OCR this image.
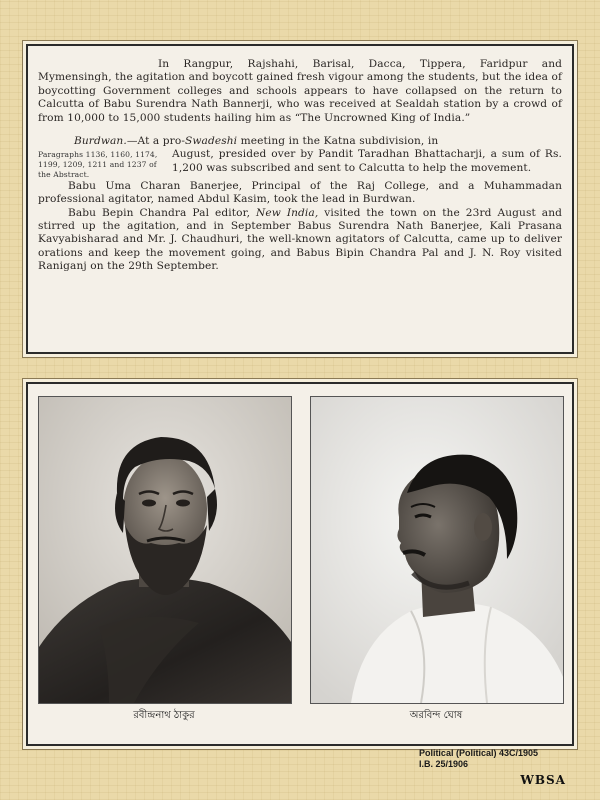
In Rangpur, Rajshahi, Barisal, Dacca, Tippera, Faridpur and Mymensingh, the agitation and boycott gained fresh vigour among the students, but the idea of boycotting Government colleges and schools appears to have collapsed on the return to Calcutta of Babu Surendra Nath Bannerji, who was received at Sealdah station by a crowd of from 10,000 to 15,000 students hailing him as “The Uncrowned King of India.”

Burdwan.—At a pro-Swadeshi meeting in the Katna subdivision, in

Paragraphs 1136, 1160, 1174, 1199, 1209, 1211 and 1237 of the Abstract.

August, presided over by Pandit Taradhan Bhattacharji, a sum of Rs. 1,200 was subscribed and sent to Calcutta to help the movement.

Babu Uma Charan Banerjee, Principal of the Raj College, and a Muhammadan professional agitator, named Abdul Kasim, took the lead in Burdwan.

Babu Bepin Chandra Pal editor, New India, visited the town on the 23rd August and stirred up the agitation, and in September Babus Surendra Nath Banerjee, Kali Prasana Kavyabisharad and Mr. J. Chaudhuri, the well-known agitators of Calcutta, came up to deliver orations and keep the movement going, and Babus Bipin Chandra Pal and J. N. Roy visited Raniganj on the 29th September.

রবীন্দ্রনাথ ঠাকুর	অরবিন্দ ঘোষ
Political (Political) 43C/1905
I.B. 25/1906
WBSA
